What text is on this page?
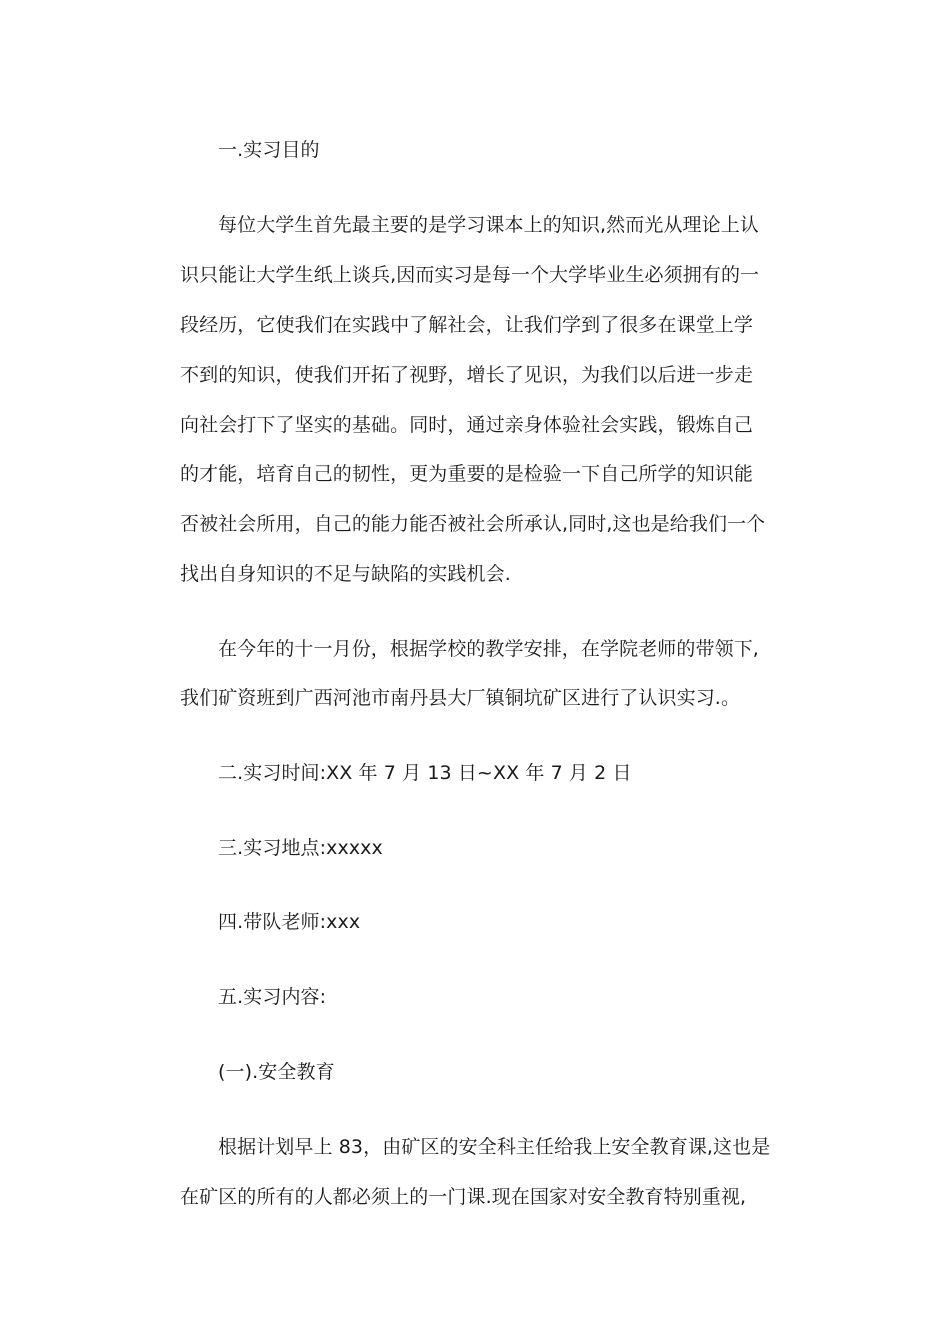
一.实习目的
每位大学生首先最主要的是学习课本上的知识,然而光从理论上认
识只能让大学生纸上谈兵,因而实习是每一个大学毕业生必须拥有的一
段经历，它使我们在实践中了解社会，让我们学到了很多在课堂上学
不到的知识，使我们开拓了视野，增长了见识，为我们以后进一步走
向社会打下了坚实的基础。同时，通过亲身体验社会实践，锻炼自己
的才能，培育自己的韧性，更为重要的是检验一下自己所学的知识能
否被社会所用，自己的能力能否被社会所承认,同时,这也是给我们一个
找出自身知识的不足与缺陷的实践机会.
在今年的十一月份，根据学校的教学安排，在学院老师的带领下,
我们矿资班到广西河池市南丹县大厂镇铜坑矿区进行了认识实习.。
二.实习时间:XX 年 7 月 13 日~XX 年 7 月 2 日
三.实习地点:xxxxx
四.带队老师:xxx
五.实习内容:
(一).安全教育
根据计划早上 83，由矿区的安全科主任给我上安全教育课,这也是
在矿区的所有的人都必须上的一门课.现在国家对安全教育特别重视,
